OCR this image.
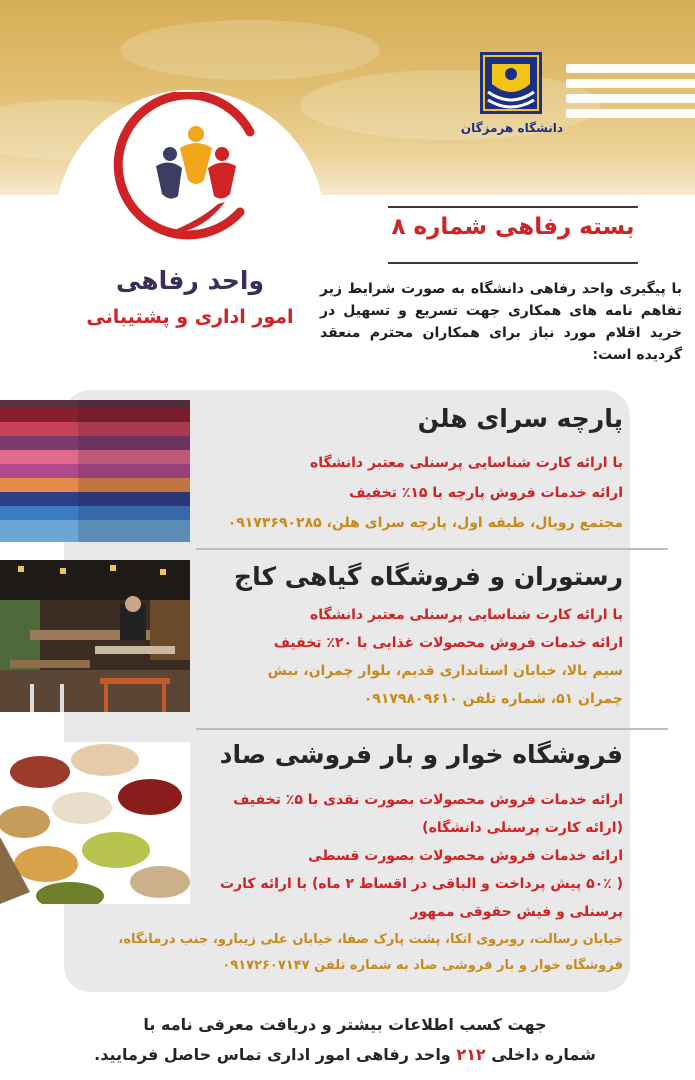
دانشگاه هرمزگان
واحد رفاهی
امور اداری و پشتیبانی
بسته رفاهی شماره ۸
با پیگیری واحد رفاهی دانشگاه به صورت شرایط زیر تفاهم نامه های همکاری جهت تسریع و تسهیل در خرید اقلام مورد نیاز برای همکاران محترم منعقد گردیده است:
پارچه سرای هلن
با ارائه کارت شناسایی پرسنلی معتبر دانشگاه
ارائه خدمات فروش پارچه با ۱۵٪ تخفیف
مجتمع رویال، طبقه اول، پارچه سرای هلن، ۰۹۱۷۳۶۹۰۲۸۵
رستوران و فروشگاه گیاهی کاج
با ارائه کارت شناسایی پرسنلی معتبر دانشگاه
ارائه خدمات فروش محصولات غذایی با ۲۰٪ تخفیف
سیم بالا، خیابان استانداری قدیم، بلوار چمران، نبش
چمران ۵۱، شماره تلفن ۰۹۱۷۹۸۰۹۶۱۰
فروشگاه خوار و بار فروشی صاد
ارائه خدمات فروش محصولات بصورت نقدی با ۵٪ تخفیف
(ارائه کارت پرسنلی دانشگاه)
ارائه خدمات فروش محصولات بصورت قسطی
( ۵۰٪ پیش پرداخت و الباقی در اقساط ۲ ماه) با ارائه کارت
پرسنلی و فیش حقوقی ممهور
خیابان رسالت، روبروی اتکا، پشت پارک صفا، خیابان علی زیبارو، جنب درمانگاه،
فروشگاه خوار و بار فروشی صاد به شماره تلفن ۰۹۱۷۲۶۰۷۱۴۷
جهت کسب اطلاعات بیشتر و دریافت معرفی نامه با
شماره داخلی ۲۱۲ واحد رفاهی امور اداری تماس حاصل فرمایید.
